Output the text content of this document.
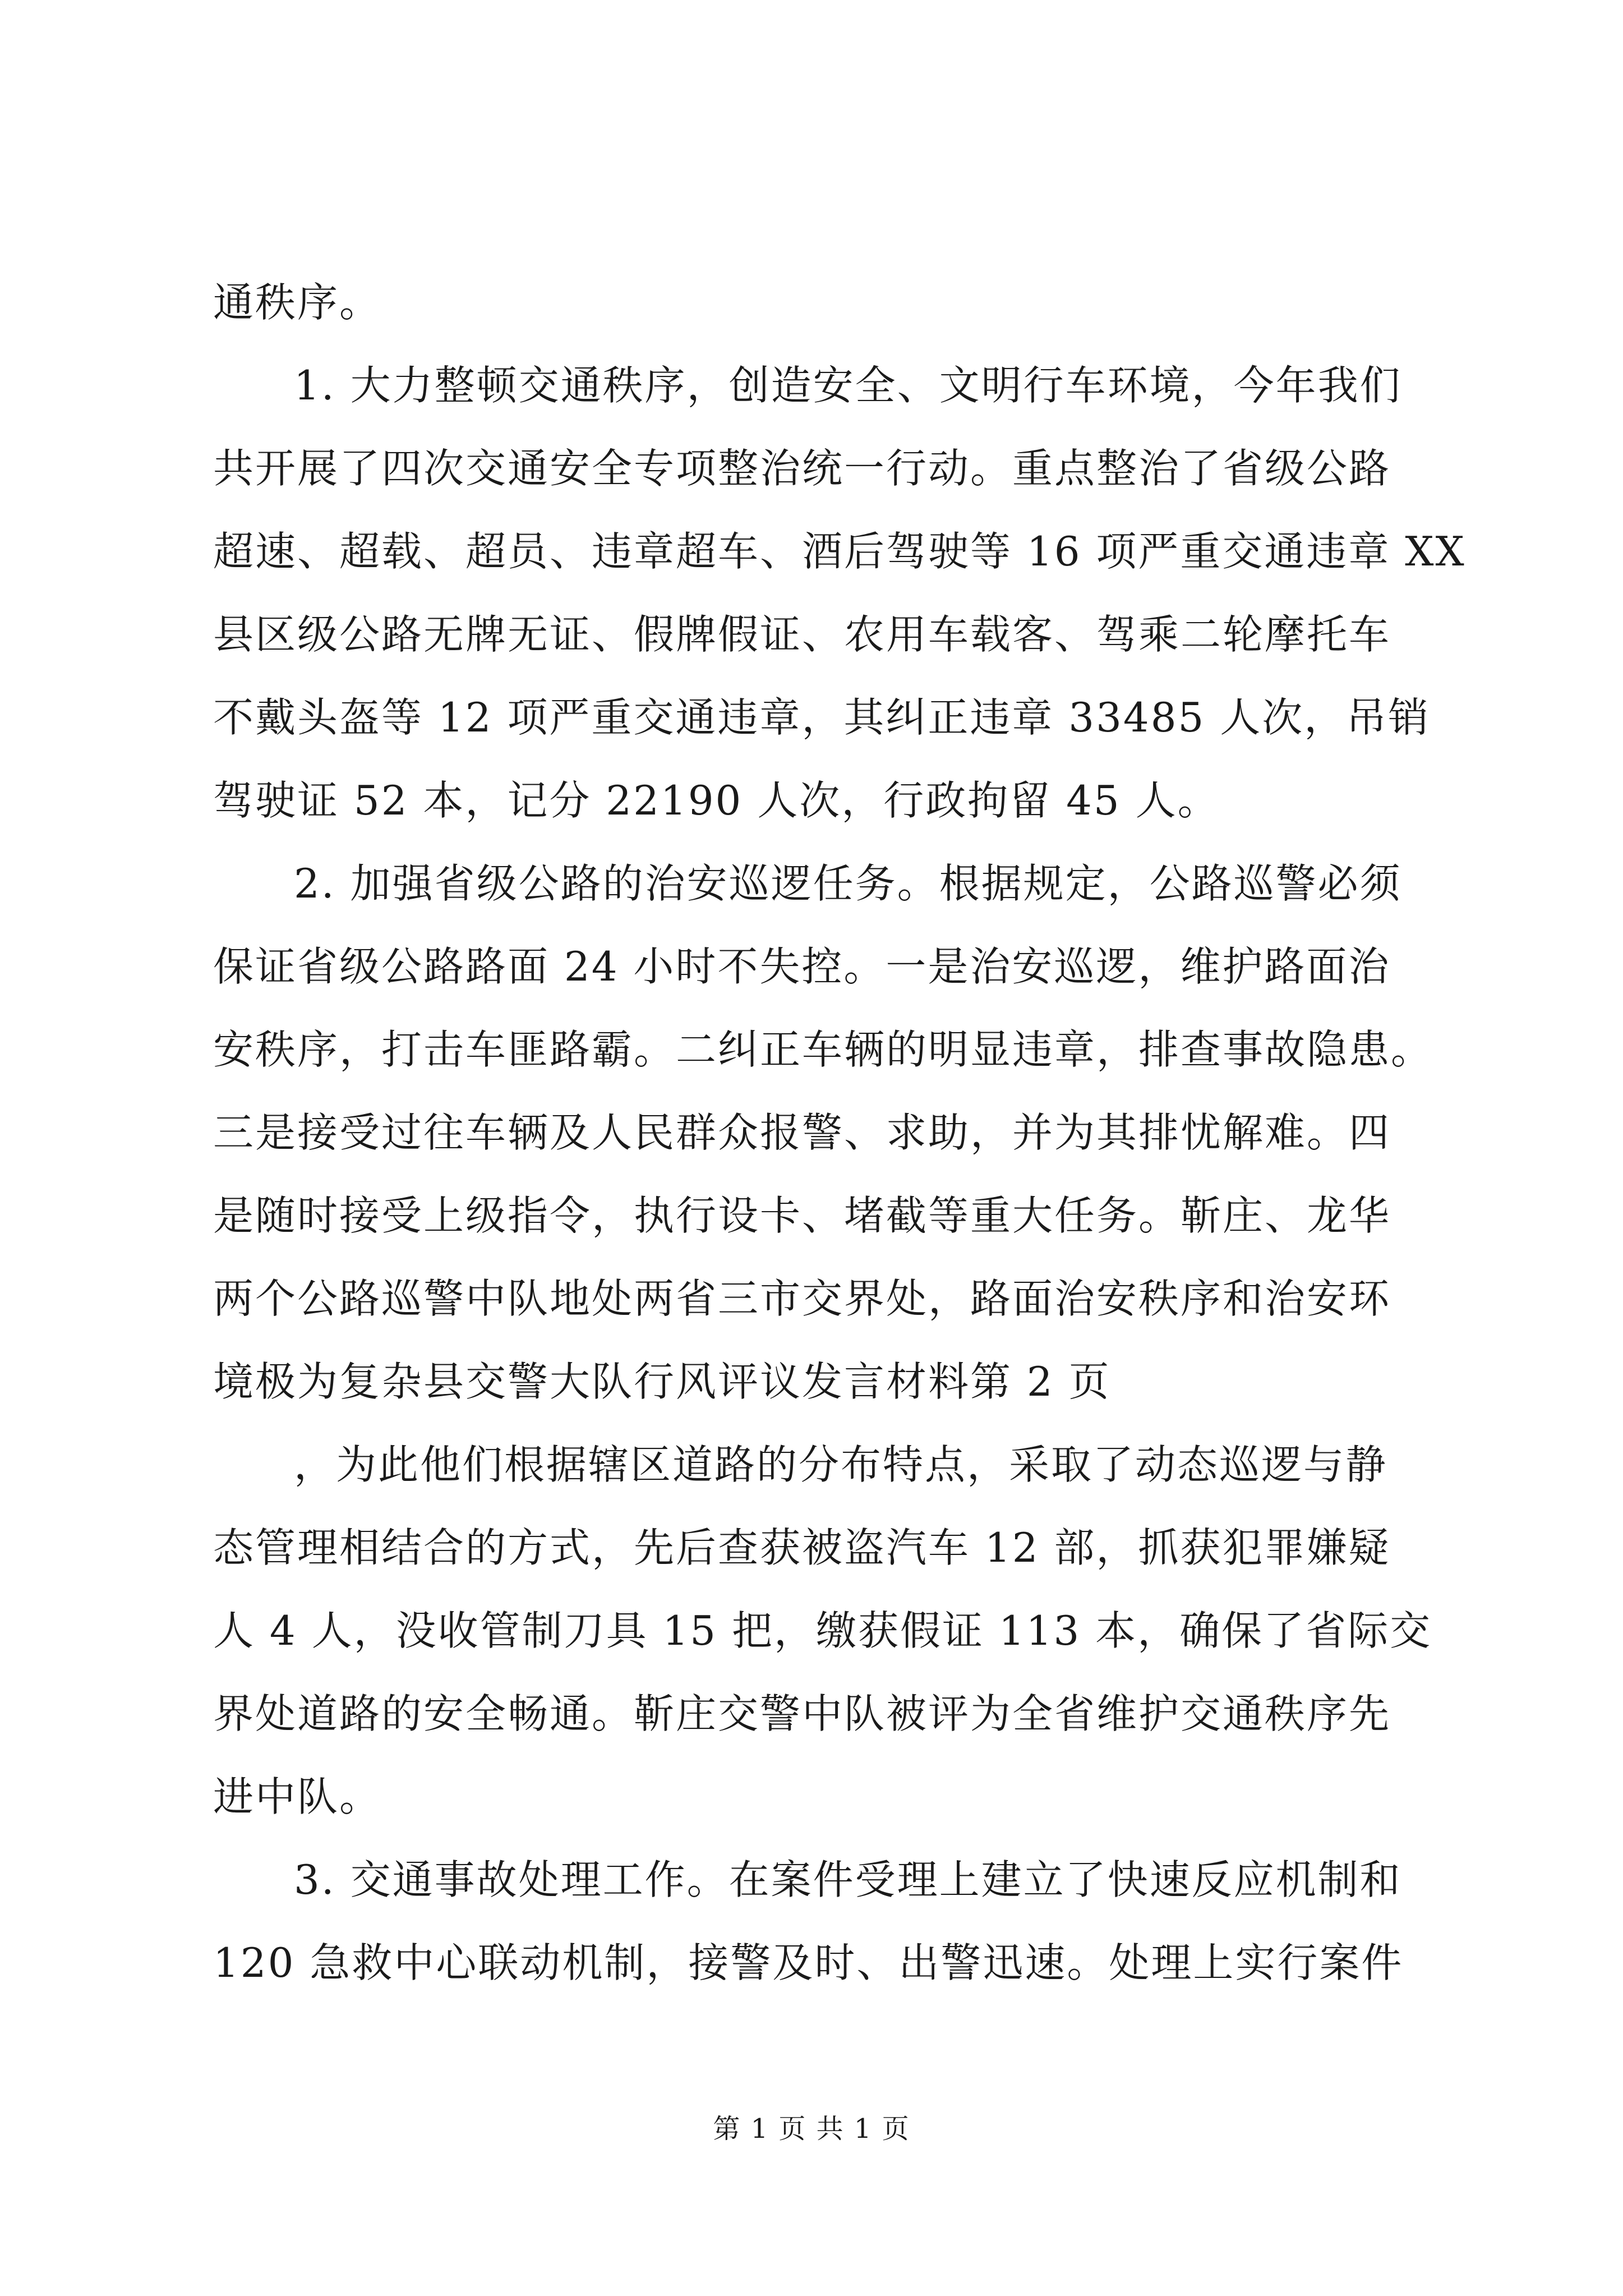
通秩序。
1. 大力整顿交通秩序，创造安全、文明行车环境，今年我们
共开展了四次交通安全专项整治统一行动。重点整治了省级公路
超速、超载、超员、违章超车、酒后驾驶等 16 项严重交通违章 XX
县区级公路无牌无证、假牌假证、农用车载客、驾乘二轮摩托车
不戴头盔等 12 项严重交通违章，其纠正违章 33485 人次，吊销
驾驶证 52 本，记分 22190 人次，行政拘留 45 人。
2. 加强省级公路的治安巡逻任务。根据规定，公路巡警必须
保证省级公路路面 24 小时不失控。一是治安巡逻，维护路面治
安秩序，打击车匪路霸。二纠正车辆的明显违章，排查事故隐患。
三是接受过往车辆及人民群众报警、求助，并为其排忧解难。四
是随时接受上级指令，执行设卡、堵截等重大任务。靳庄、龙华
两个公路巡警中队地处两省三市交界处，路面治安秩序和治安环
境极为复杂县交警大队行风评议发言材料第 2 页
，为此他们根据辖区道路的分布特点，采取了动态巡逻与静
态管理相结合的方式，先后查获被盗汽车 12 部，抓获犯罪嫌疑
人 4 人，没收管制刀具 15 把，缴获假证 113 本，确保了省际交
界处道路的安全畅通。靳庄交警中队被评为全省维护交通秩序先
进中队。
3. 交通事故处理工作。在案件受理上建立了快速反应机制和
120 急救中心联动机制，接警及时、出警迅速。处理上实行案件
第 1 页 共 1 页
